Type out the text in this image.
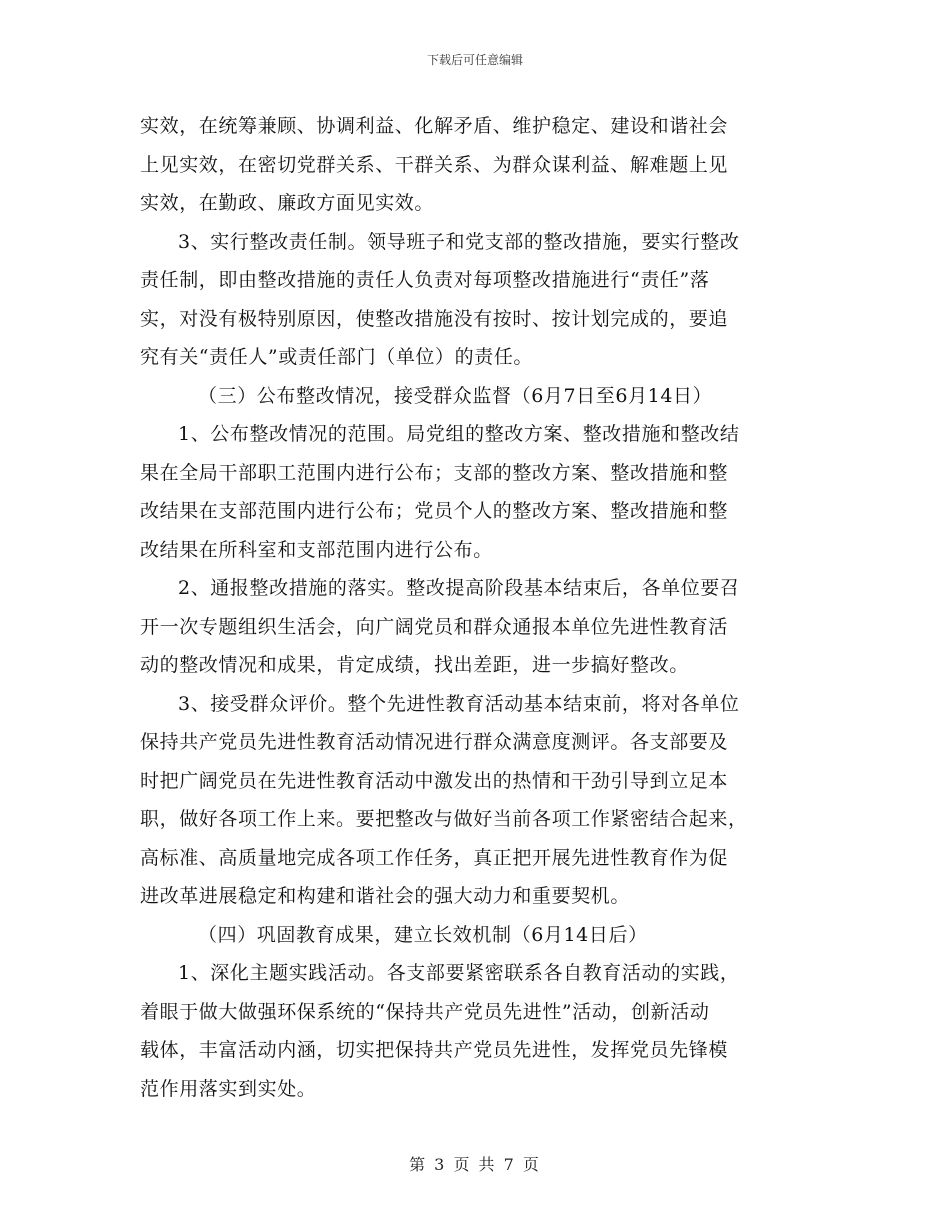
下载后可任意编辑
实效，在统筹兼顾、协调利益、化解矛盾、维护稳定、建设和谐社会
上见实效，在密切党群关系、干群关系、为群众谋利益、解难题上见
实效，在勤政、廉政方面见实效。
3、实行整改责任制。领导班子和党支部的整改措施，要实行整改
责任制，即由整改措施的责任人负责对每项整改措施进行“责任”落
实，对没有极特别原因，使整改措施没有按时、按计划完成的，要追
究有关“责任人”或责任部门（单位）的责任。
（三）公布整改情况，接受群众监督（6月7日至6月14日）
1、公布整改情况的范围。局党组的整改方案、整改措施和整改结
果在全局干部职工范围内进行公布；支部的整改方案、整改措施和整
改结果在支部范围内进行公布；党员个人的整改方案、整改措施和整
改结果在所科室和支部范围内进行公布。
2、通报整改措施的落实。整改提高阶段基本结束后，各单位要召
开一次专题组织生活会，向广阔党员和群众通报本单位先进性教育活
动的整改情况和成果，肯定成绩，找出差距，进一步搞好整改。
3、接受群众评价。整个先进性教育活动基本结束前，将对各单位
保持共产党员先进性教育活动情况进行群众满意度测评。各支部要及
时把广阔党员在先进性教育活动中激发出的热情和干劲引导到立足本
职，做好各项工作上来。要把整改与做好当前各项工作紧密结合起来，
高标准、高质量地完成各项工作任务，真正把开展先进性教育作为促
进改革进展稳定和构建和谐社会的强大动力和重要契机。
（四）巩固教育成果，建立长效机制（6月14日后）
1、深化主题实践活动。各支部要紧密联系各自教育活动的实践，
着眼于做大做强环保系统的“保持共产党员先进性”活动，创新活动
载体，丰富活动内涵，切实把保持共产党员先进性，发挥党员先锋模
范作用落实到实处。
第 3 页 共 7 页
